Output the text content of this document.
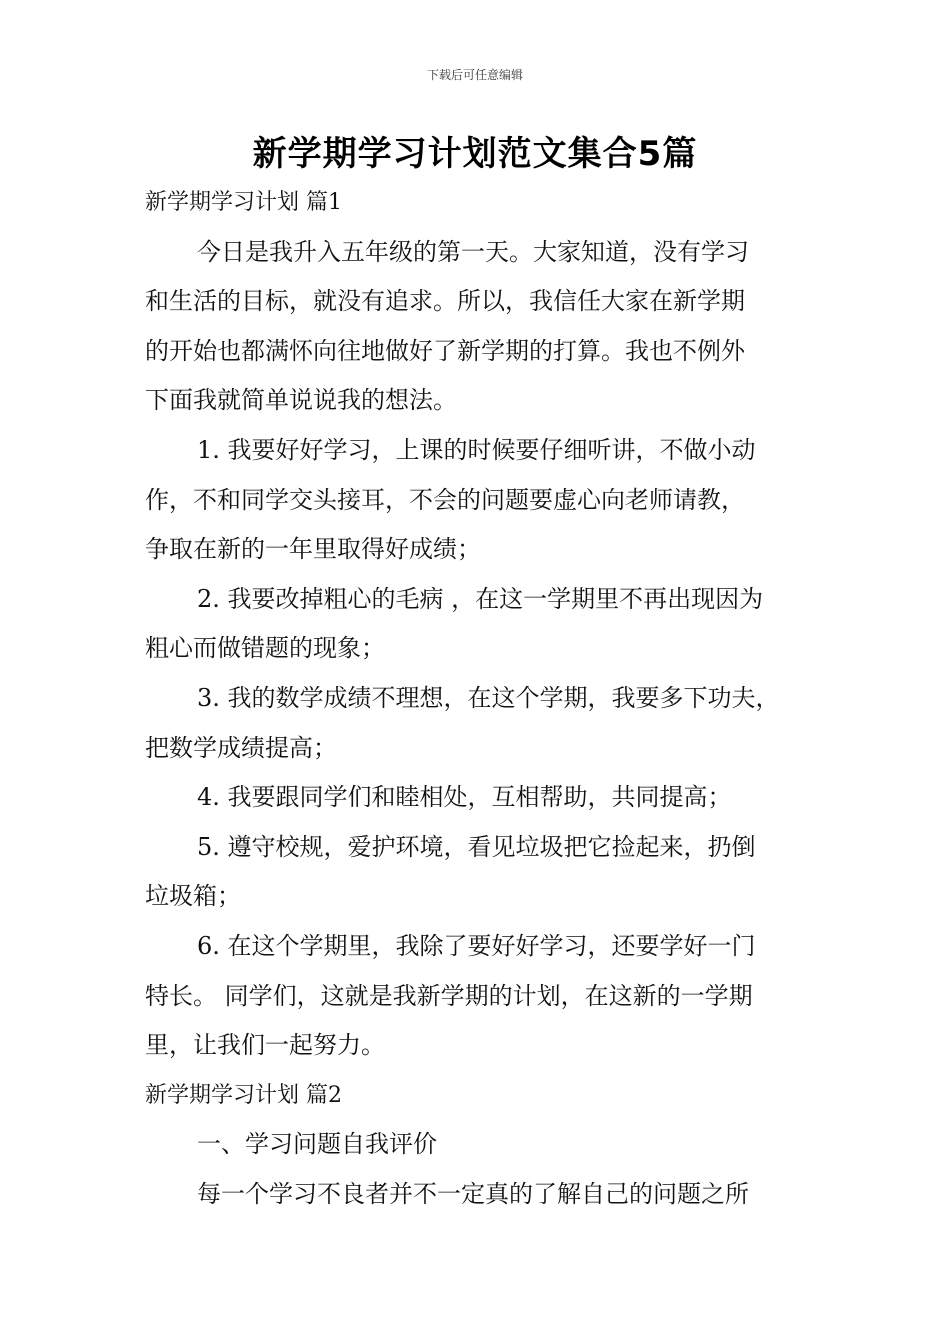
下载后可任意编辑
新学期学习计划范文集合5篇
新学期学习计划 篇1
今日是我升入五年级的第一天。大家知道，没有学习
和生活的目标，就没有追求。所以，我信任大家在新学期
的开始也都满怀向往地做好了新学期的打算。我也不例外
下面我就简单说说我的想法。
1. 我要好好学习，上课的时候要仔细听讲，不做小动
作，不和同学交头接耳，不会的问题要虚心向老师请教，
争取在新的一年里取得好成绩；
2. 我要改掉粗心的毛病 ，在这一学期里不再出现因为
粗心而做错题的现象；
3. 我的数学成绩不理想，在这个学期，我要多下功夫，
把数学成绩提高；
4. 我要跟同学们和睦相处，互相帮助，共同提高；
5. 遵守校规，爱护环境，看见垃圾把它捡起来，扔倒
垃圾箱；
6. 在这个学期里，我除了要好好学习，还要学好一门
特长。 同学们，这就是我新学期的计划，在这新的一学期
里，让我们一起努力。
新学期学习计划 篇2
一、学习问题自我评价
每一个学习不良者并不一定真的了解自己的问题之所
